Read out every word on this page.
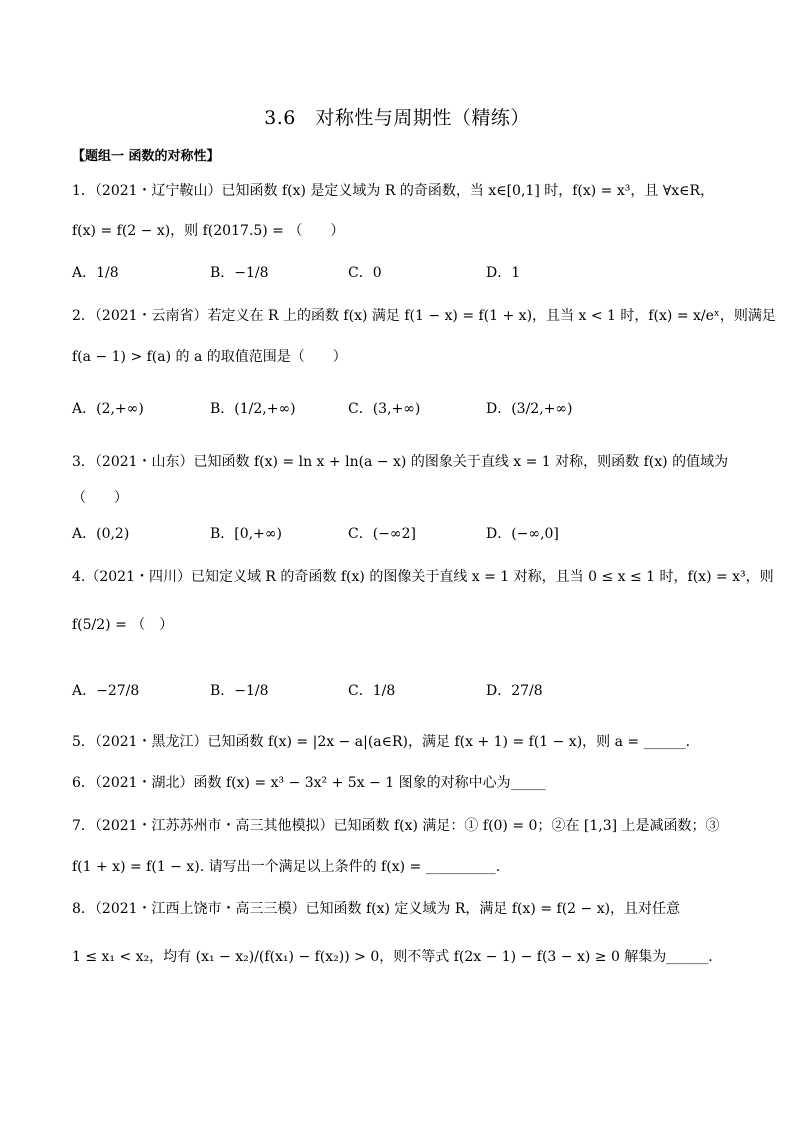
3.6　对称性与周期性（精练）
【题组一 函数的对称性】
1．（2021・辽宁鞍山）已知函数 f(x) 是定义域为 R 的奇函数，当 x∈[0,1] 时，f(x) = x³，且 ∀x∈R，
f(x) = f(2 − x)，则 f(2017.5) = （　　）
A．1/8	B．−1/8	C．0	D．1
2．（2021・云南省）若定义在 R 上的函数 f(x) 满足 f(1 − x) = f(1 + x)，且当 x < 1 时，f(x) = x/eˣ，则满足
f(a − 1) > f(a) 的 a 的取值范围是（　　）
A．(2,+∞)	B．(1/2,+∞)	C．(3,+∞)	D．(3/2,+∞)
3．（2021・山东）已知函数 f(x) = ln x + ln(a − x) 的图象关于直线 x = 1 对称，则函数 f(x) 的值域为
（　　）
A．(0,2)	B．[0,+∞)	C．(−∞2]	D．(−∞,0]
4.（2021・四川）已知定义域 R 的奇函数 f(x) 的图像关于直线 x = 1 对称，且当 0 ≤ x ≤ 1 时，f(x) = x³，则
f(5/2) = （　）
A．−27/8	B．−1/8	C．1/8	D．27/8
5．（2021・黑龙江）已知函数 f(x) = |2x − a|(a∈R)，满足 f(x + 1) = f(1 − x)，则 a = ______.
6．（2021・湖北）函数 f(x) = x³ − 3x² + 5x − 1 图象的对称中心为_____
7．（2021・江苏苏州市・高三其他模拟）已知函数 f(x) 满足：① f(0) = 0；②在 [1,3] 上是减函数；③
f(1 + x) = f(1 − x). 请写出一个满足以上条件的 f(x) = __________.
8．（2021・江西上饶市・高三三模）已知函数 f(x) 定义域为 R，满足 f(x) = f(2 − x)，且对任意
1 ≤ x₁ < x₂，均有 (x₁ − x₂)/(f(x₁) − f(x₂)) > 0，则不等式 f(2x − 1) − f(3 − x) ≥ 0 解集为______.
